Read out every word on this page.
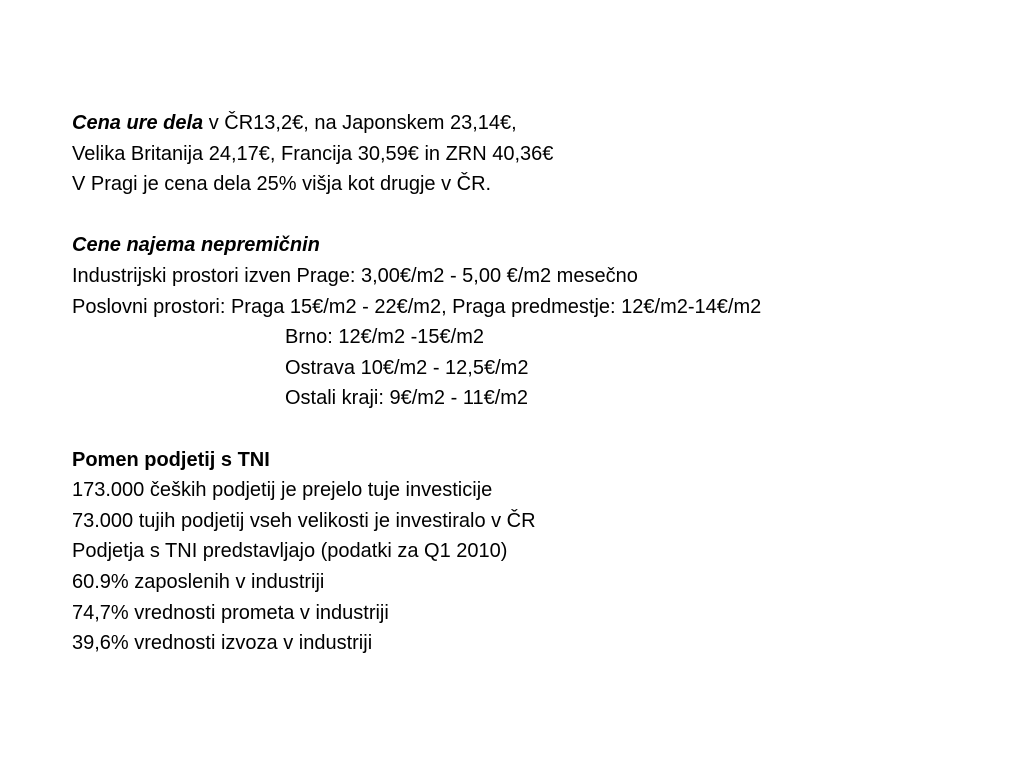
Cena ure dela v ČR13,2€, na Japonskem 23,14€,
Velika Britanija 24,17€, Francija 30,59€ in ZRN 40,36€
V Pragi je cena dela 25% višja kot drugje v ČR.
Cene najema nepremičnin
Industrijski prostori izven Prage: 3,00€/m2 - 5,00 €/m2 mesečno
Poslovni prostori: Praga 15€/m2 - 22€/m2, Praga predmestje: 12€/m2-14€/m2
Brno: 12€/m2 -15€/m2
Ostrava 10€/m2 - 12,5€/m2
Ostali kraji: 9€/m2 - 11€/m2
Pomen podjetij s TNI
173.000 čeških podjetij je prejelo tuje investicije
73.000 tujih podjetij vseh velikosti je investiralo v ČR
Podjetja s TNI predstavljajo (podatki za Q1 2010)
60.9% zaposlenih v industriji
74,7% vrednosti prometa v industriji
39,6% vrednosti izvoza v industriji
